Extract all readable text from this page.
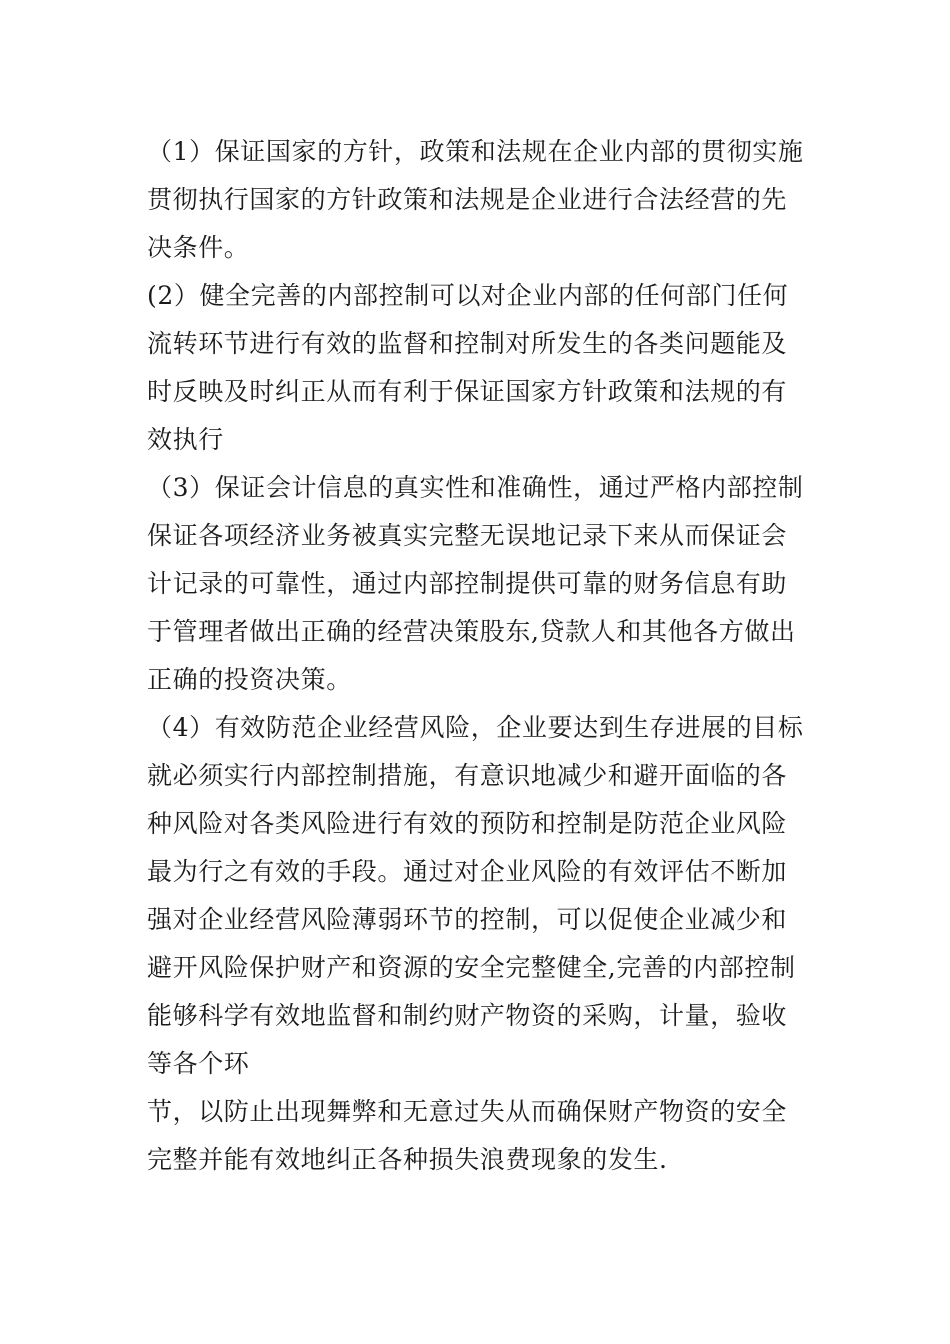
（1）保证国家的方针，政策和法规在企业内部的贯彻实施
贯彻执行国家的方针政策和法规是企业进行合法经营的先
决条件。
(2）健全完善的内部控制可以对企业内部的任何部门任何
流转环节进行有效的监督和控制对所发生的各类问题能及
时反映及时纠正从而有利于保证国家方针政策和法规的有
效执行
（3）保证会计信息的真实性和准确性，通过严格内部控制
保证各项经济业务被真实完整无误地记录下来从而保证会
计记录的可靠性，通过内部控制提供可靠的财务信息有助
于管理者做出正确的经营决策股东,贷款人和其他各方做出
正确的投资决策。
（4）有效防范企业经营风险，企业要达到生存进展的目标
就必须实行内部控制措施，有意识地减少和避开面临的各
种风险对各类风险进行有效的预防和控制是防范企业风险
最为行之有效的手段。通过对企业风险的有效评估不断加
强对企业经营风险薄弱环节的控制，可以促使企业减少和
避开风险保护财产和资源的安全完整健全,完善的内部控制
能够科学有效地监督和制约财产物资的采购，计量，验收
等各个环
节，以防止出现舞弊和无意过失从而确保财产物资的安全
完整并能有效地纠正各种损失浪费现象的发生.
